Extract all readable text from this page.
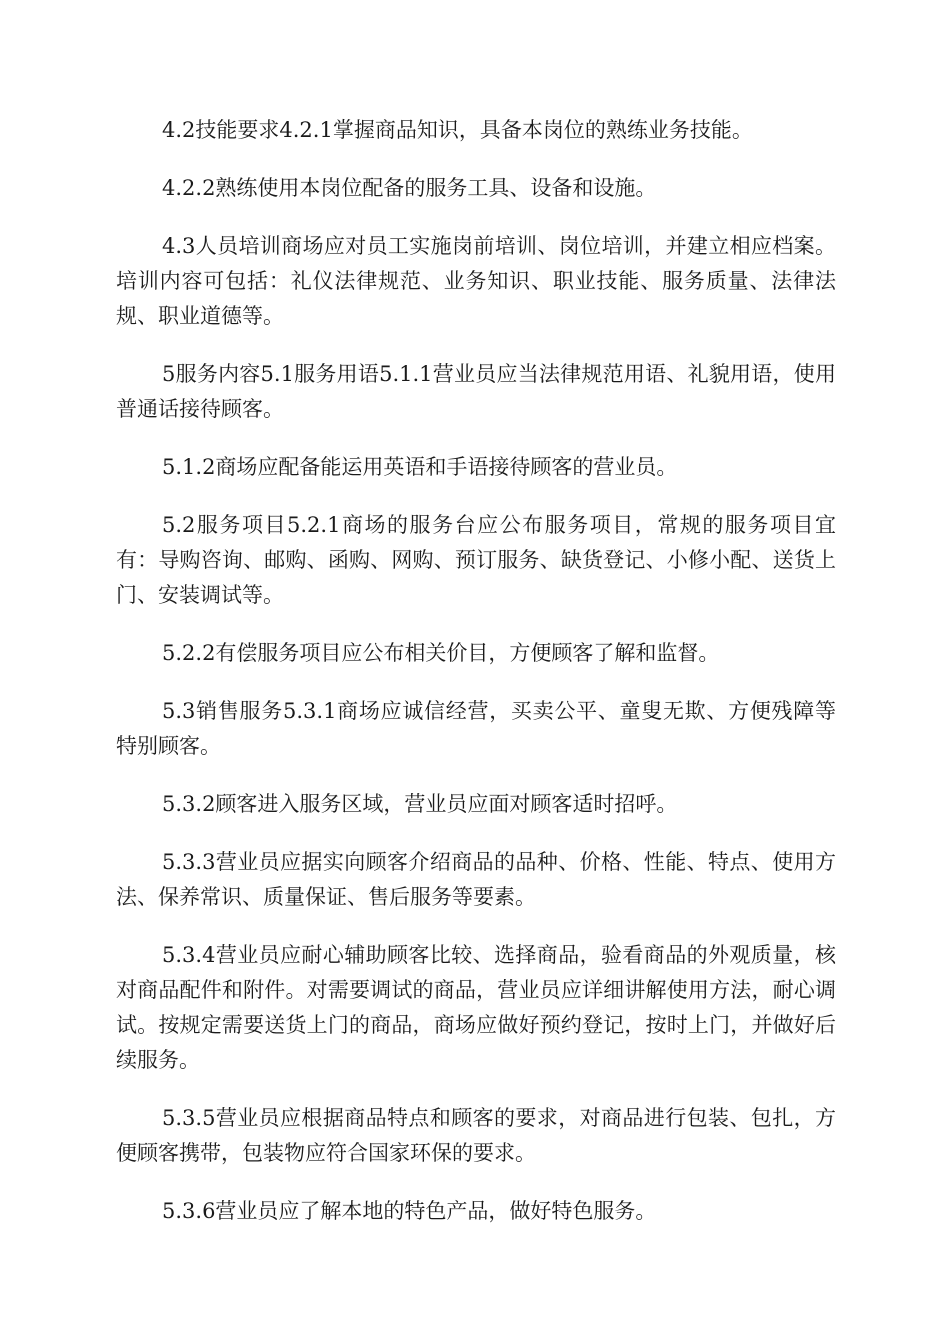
4.2技能要求4.2.1掌握商品知识，具备本岗位的熟练业务技能。

4.2.2熟练使用本岗位配备的服务工具、设备和设施。

4.3人员培训商场应对员工实施岗前培训、岗位培训，并建立相应档案。培训内容可包括：礼仪法律规范、业务知识、职业技能、服务质量、法律法规、职业道德等。

5服务内容5.1服务用语5.1.1营业员应当法律规范用语、礼貌用语，使用普通话接待顾客。

5.1.2商场应配备能运用英语和手语接待顾客的营业员。

5.2服务项目5.2.1商场的服务台应公布服务项目，常规的服务项目宜有：导购咨询、邮购、函购、网购、预订服务、缺货登记、小修小配、送货上门、安装调试等。

5.2.2有偿服务项目应公布相关价目，方便顾客了解和监督。

5.3销售服务5.3.1商场应诚信经营，买卖公平、童叟无欺、方便残障等特别顾客。

5.3.2顾客进入服务区域，营业员应面对顾客适时招呼。

5.3.3营业员应据实向顾客介绍商品的品种、价格、性能、特点、使用方法、保养常识、质量保证、售后服务等要素。

5.3.4营业员应耐心辅助顾客比较、选择商品，验看商品的外观质量，核对商品配件和附件。对需要调试的商品，营业员应详细讲解使用方法，耐心调试。按规定需要送货上门的商品，商场应做好预约登记，按时上门，并做好后续服务。

5.3.5营业员应根据商品特点和顾客的要求，对商品进行包装、包扎，方便顾客携带，包装物应符合国家环保的要求。

5.3.6营业员应了解本地的特色产品，做好特色服务。
